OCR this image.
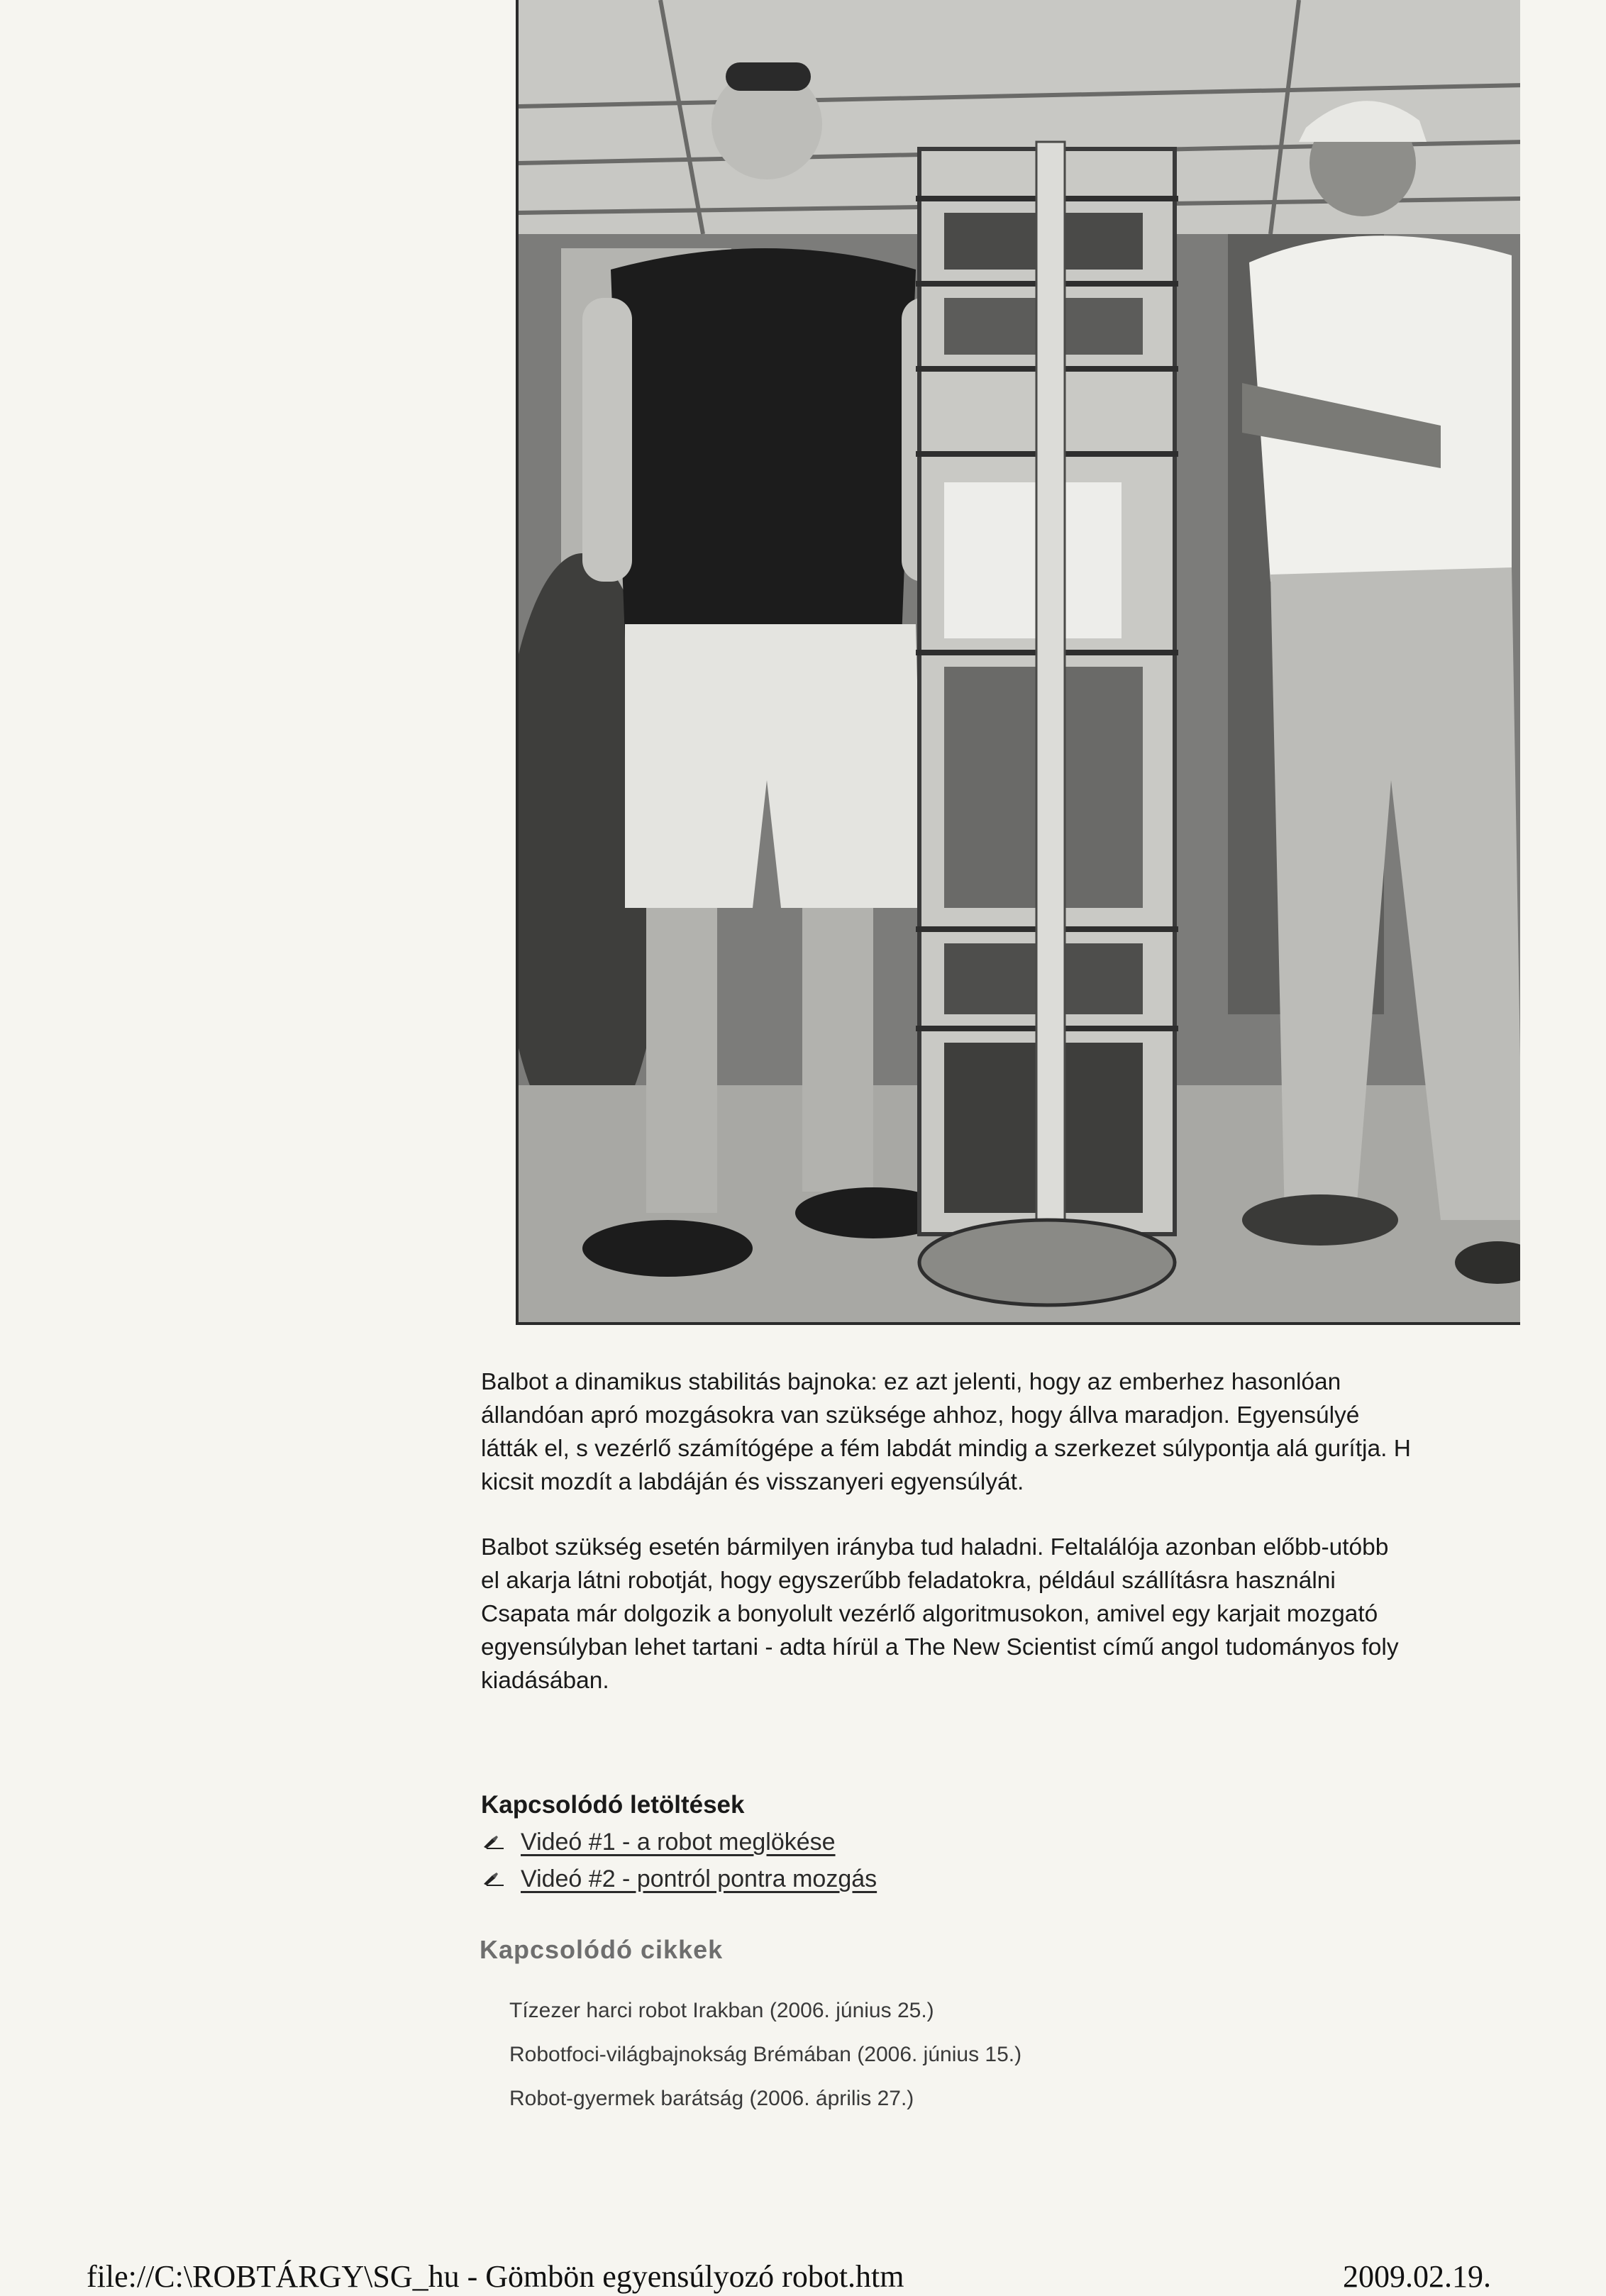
Balbot a dinamikus stabilitás bajnoka: ez azt jelenti, hogy az emberhez hasonlóan
állandóan apró mozgásokra van szüksége ahhoz, hogy állva maradjon. Egyensúlyé
látták el, s vezérlő számítógépe a fém labdát mindig a szerkezet súlypontja alá gurítja. H
kicsit mozdít a labdáján és visszanyeri egyensúlyát.

Balbot szükség esetén bármilyen irányba tud haladni. Feltalálója azonban előbb-utóbb
el akarja látni robotját, hogy egyszerűbb feladatokra, például szállításra használni
Csapata már dolgozik a bonyolult vezérlő algoritmusokon, amivel egy karjait mozgató
egyensúlyban lehet tartani - adta hírül a The New Scientist című angol tudományos foly
kiadásában.

Kapcsolódó letöltések
Videó #1 - a robot meglökése
Videó #2 - pontról pontra mozgás
Kapcsolódó cikkek
Tízezer harci robot Irakban (2006. június 25.)
Robotfoci-világbajnokság Brémában (2006. június 15.)
Robot-gyermek barátság (2006. április 27.)
file://C:\ROBTÁRGY\SG_hu - Gömbön egyensúlyozó robot.htm	2009.02.19.
